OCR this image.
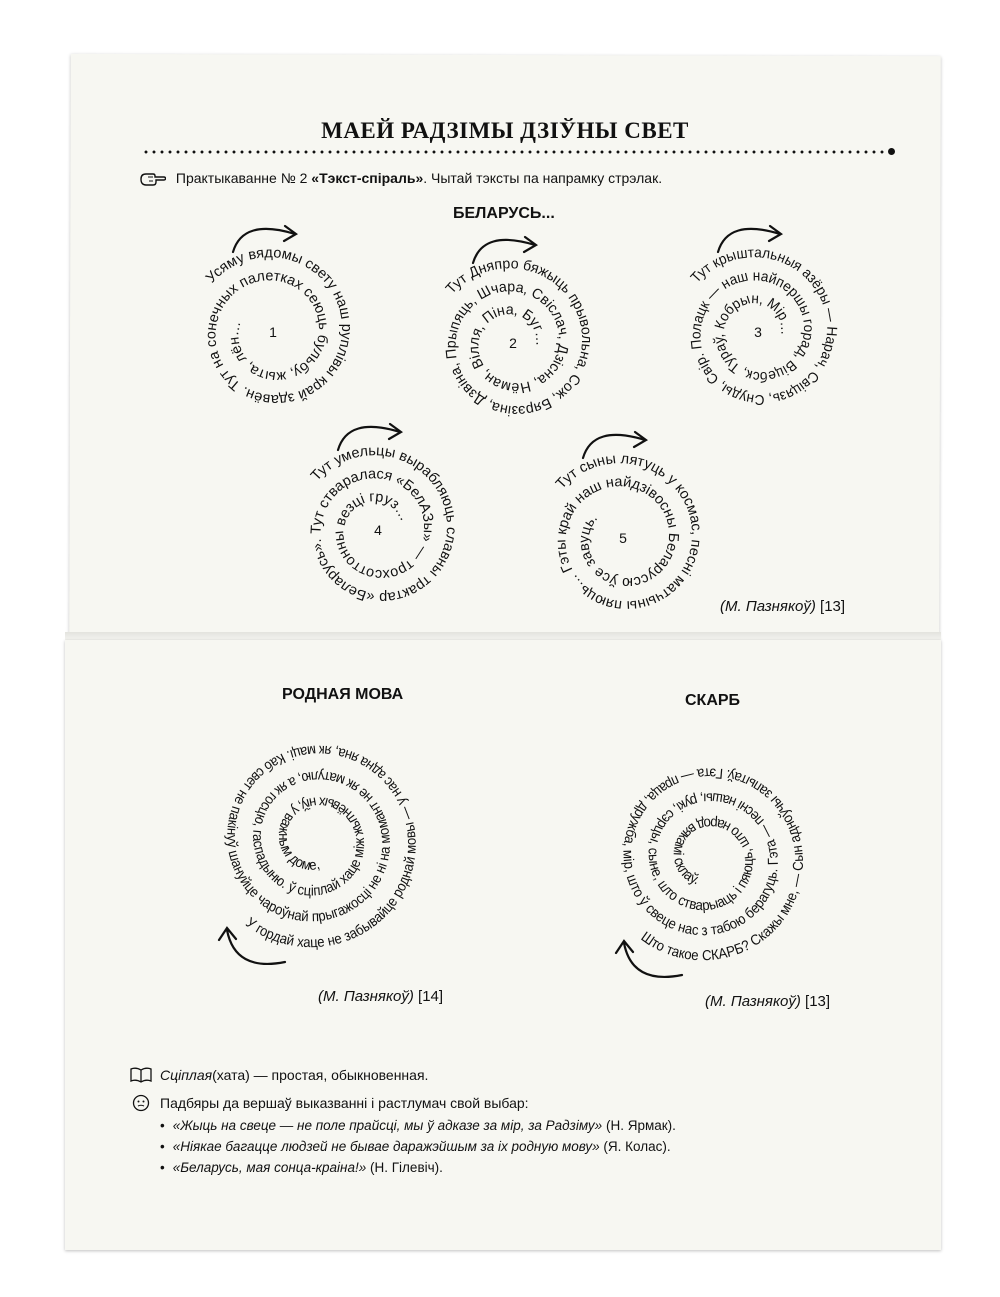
МАЕЙ РАДЗІМЫ ДЗІЎНЫ СВЕТ
Практыкаванне № 2 «Тэкст-спіраль». Чытай тэксты па напрамку стрэлак.
БЕЛАРУСЬ...
Усяму вядомы свету наш руплівы край здавён. Тут на сонечных палетках сеюць бульбу, жыта, лён…	1
Тут Дняпро бяжыць прывольна, Сож, Бярэзіна, Дзвіна, Прыпяць, Шчара, Свіслач, Дзісна, Нёман, Вілля, Піна, Буг…
2
Тут крыштальныя азёры — Нарач, Свіцязь, Снуды, Свір. Полацк — наш найпершы горад, Віцебск, Тураў, Кобрын, Мір…
3
Тут умельцы вырабляюць славны трактар «Беларусь». Тут стваралася «БелАЗы» — трохсоттонны везці груз…
4
Тут сыны лятуць у космас, песні матчыны пяюць… Гэты край наш найдзівосны Беларуссю ўсе завуць.
5
(М. Пазнякоў) [13]
РОДНАЯ МОВА	СКАРБ
У гордай хаце не забывайце роднай мовы — у нас адна яна, як маці. Каб свет не пакінуў шануйце чароўнай прыгажосці не ні на момант не як матулю, а як госцю, гаспадыню. ў сціплай хаце між жытнёвых нiў, у важным доме,
Што такое СКАРБ? Скажы мне, — Сын адноўчы запытаў. Гэта — праца, дружба, мір, што ў свеце нас з табою берагуць. Гэта — песні нашы, рукі, сэрцы, сыне, што стварыаць і пяюць, што народ вякамі склаў.
(М. Пазнякоў) [14]	(М. Пазнякоў) [13]
Сціплая (хата) — простая, обыкновенная.
Падбяры да вершаў выказванні і растлумач свой выбар:
• «Жыць на свеце — не поле прайсці, мы ў адказе за мір, за Радзіму» (Н. Ярмак).
• «Ніякае багацце людзей не бывае даражэйшым за іх родную мову» (Я. Колас).
• «Беларусь, мая сонца-краіна!» (Н. Гілевіч).
